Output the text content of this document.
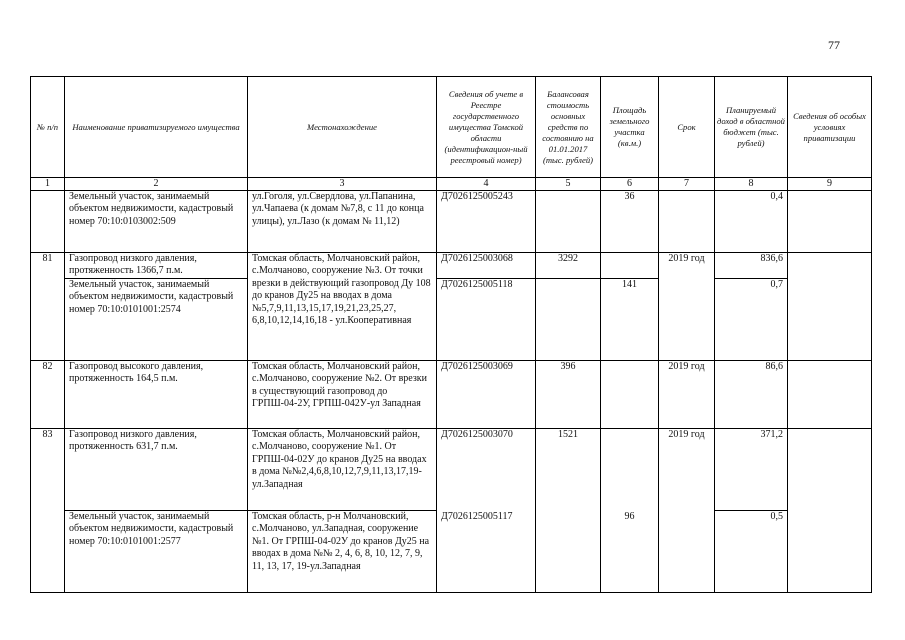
77
№ п/п	Наименование приватизируемого имущества	Местонахождение	Сведения об учете в Реестре государственного имущества Томской области (идентификацион-ный реестровый номер)	Балансовая стоимость основных средств по состоянию на 01.01.2017 (тыс. рублей)	Площадь земельного участка (кв.м.)	Срок	Планируемый доход в областной бюджет (тыс. рублей)	Сведения об особых условиях приватизации
1	2	3	4	5	6	7	8	9
	Земельный участок, занимаемый объектом недвижимости, кадастровый номер 70:10:0103002:509	ул.Гоголя, ул.Свердлова, ул.Папанина, ул.Чапаева (к домам №7,8, с 11 до конца улицы), ул.Лазо (к домам № 11,12)	Д7026125005243		36		0,4	
81	Газопровод низкого давления, протяженность 1366,7 п.м.	Томская область, Молчановский район, с.Молчаново, сооружение №3. От точки врезки в действующий газопровод Ду 108 до кранов Ду25 на вводах в дома №5,7,9,11,13,15,17,19,21,23,25,27, 6,8,10,12,14,16,18 - ул.Кооперативная	Д7026125003068	3292		2019 год	836,6	
	Земельный участок, занимаемый объектом недвижимости, кадастровый номер 70:10:0101001:2574		Д7026125005118		141		0,7	
82	Газопровод высокого давления, протяженность 164,5 п.м.	Томская область, Молчановский район, с.Молчаново, сооружение №2. От врезки в существующий газопровод до ГРПШ-04-2У, ГРПШ-042У-ул Западная	Д7026125003069	396		2019 год	86,6	
83	Газопровод низкого давления, протяженность 631,7 п.м.	Томская область, Молчановский район, с.Молчаново, сооружение №1. От ГРПШ-04-02У до кранов Ду25 на вводах в дома №№2,4,6,8,10,12,7,9,11,13,17,19-ул.Западная	Д7026125003070	1521		2019 год	371,2	
	Земельный участок, занимаемый объектом недвижимости, кадастровый номер 70:10:0101001:2577	Томская область, р-н Молчановский, с.Молчаново, ул.Западная, сооружение №1. От ГРПШ-04-02У до кранов Ду25 на вводах в дома №№ 2, 4, 6, 8, 10, 12, 7, 9, 11, 13, 17, 19-ул.Западная	Д7026125005117		96		0,5	
